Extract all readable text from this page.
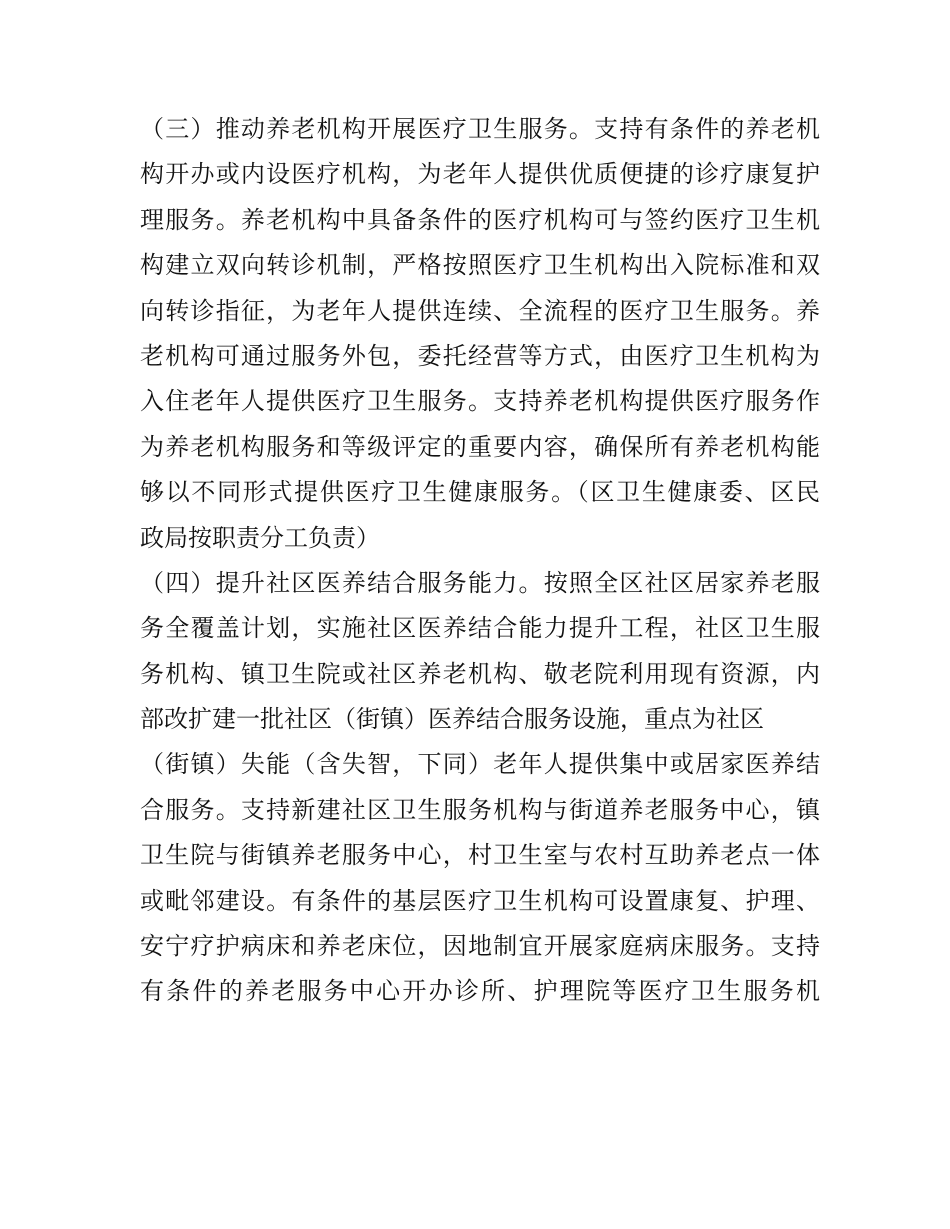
（三）推动养老机构开展医疗卫生服务。支持有条件的养老机
构开办或内设医疗机构，为老年人提供优质便捷的诊疗康复护
理服务。养老机构中具备条件的医疗机构可与签约医疗卫生机
构建立双向转诊机制，严格按照医疗卫生机构出入院标准和双
向转诊指征，为老年人提供连续、全流程的医疗卫生服务。养
老机构可通过服务外包，委托经营等方式，由医疗卫生机构为
入住老年人提供医疗卫生服务。支持养老机构提供医疗服务作
为养老机构服务和等级评定的重要内容，确保所有养老机构能
够以不同形式提供医疗卫生健康服务。（区卫生健康委、区民
政局按职责分工负责）
（四）提升社区医养结合服务能力。按照全区社区居家养老服
务全覆盖计划，实施社区医养结合能力提升工程，社区卫生服
务机构、镇卫生院或社区养老机构、敬老院利用现有资源，内
部改扩建一批社区（街镇）医养结合服务设施，重点为社区
（街镇）失能（含失智，下同）老年人提供集中或居家医养结
合服务。支持新建社区卫生服务机构与街道养老服务中心，镇
卫生院与街镇养老服务中心，村卫生室与农村互助养老点一体
或毗邻建设。有条件的基层医疗卫生机构可设置康复、护理、
安宁疗护病床和养老床位，因地制宜开展家庭病床服务。支持
有条件的养老服务中心开办诊所、护理院等医疗卫生服务机
